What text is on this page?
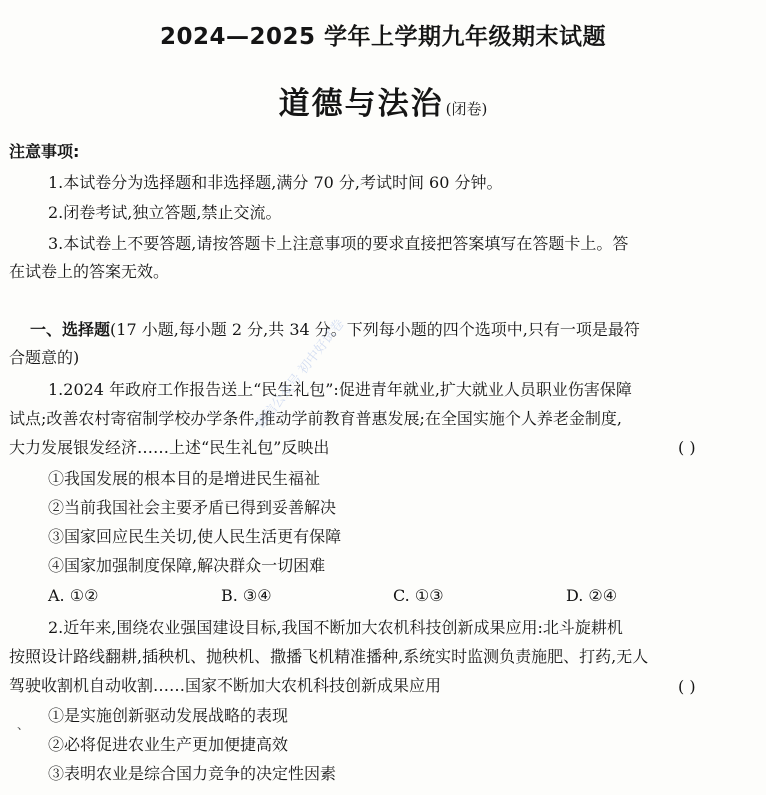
2024—2025 学年上学期九年级期末试题
道德与法治 (闭卷)
注意事项:
1.本试卷分为选择题和非选择题,满分 70 分,考试时间 60 分钟。
2.闭卷考试,独立答题,禁止交流。
3.本试卷上不要答题,请按答题卡上注意事项的要求直接把答案填写在答题卡上。答
在试卷上的答案无效。
一、选择题(17 小题,每小题 2 分,共 34 分。下列每小题的四个选项中,只有一项是最符
合题意的)
1.2024 年政府工作报告送上“民生礼包”:促进青年就业,扩大就业人员职业伤害保障
试点;改善农村寄宿制学校办学条件,推动学前教育普惠发展;在全国实施个人养老金制度,
大力发展银发经济……上述“民生礼包”反映出	( )
①我国发展的根本目的是增进民生福祉
②当前我国社会主要矛盾已得到妥善解决
③国家回应民生关切,使人民生活更有保障
④国家加强制度保障,解决群众一切困难
A. ①②	B. ③④	C. ①③	D. ②④
2.近年来,围绕农业强国建设目标,我国不断加大农机科技创新成果应用:北斗旋耕机
按照设计路线翻耕,插秧机、抛秧机、撒播飞机精准播种,系统实时监测负责施肥、打药,无人
驾驶收割机自动收割……国家不断加大农机科技创新成果应用	( )
、 ①是实施创新驱动发展战略的表现
②必将促进农业生产更加便捷高效
③表明农业是综合国力竞争的决定性因素
微信公众号 初中好试卷
